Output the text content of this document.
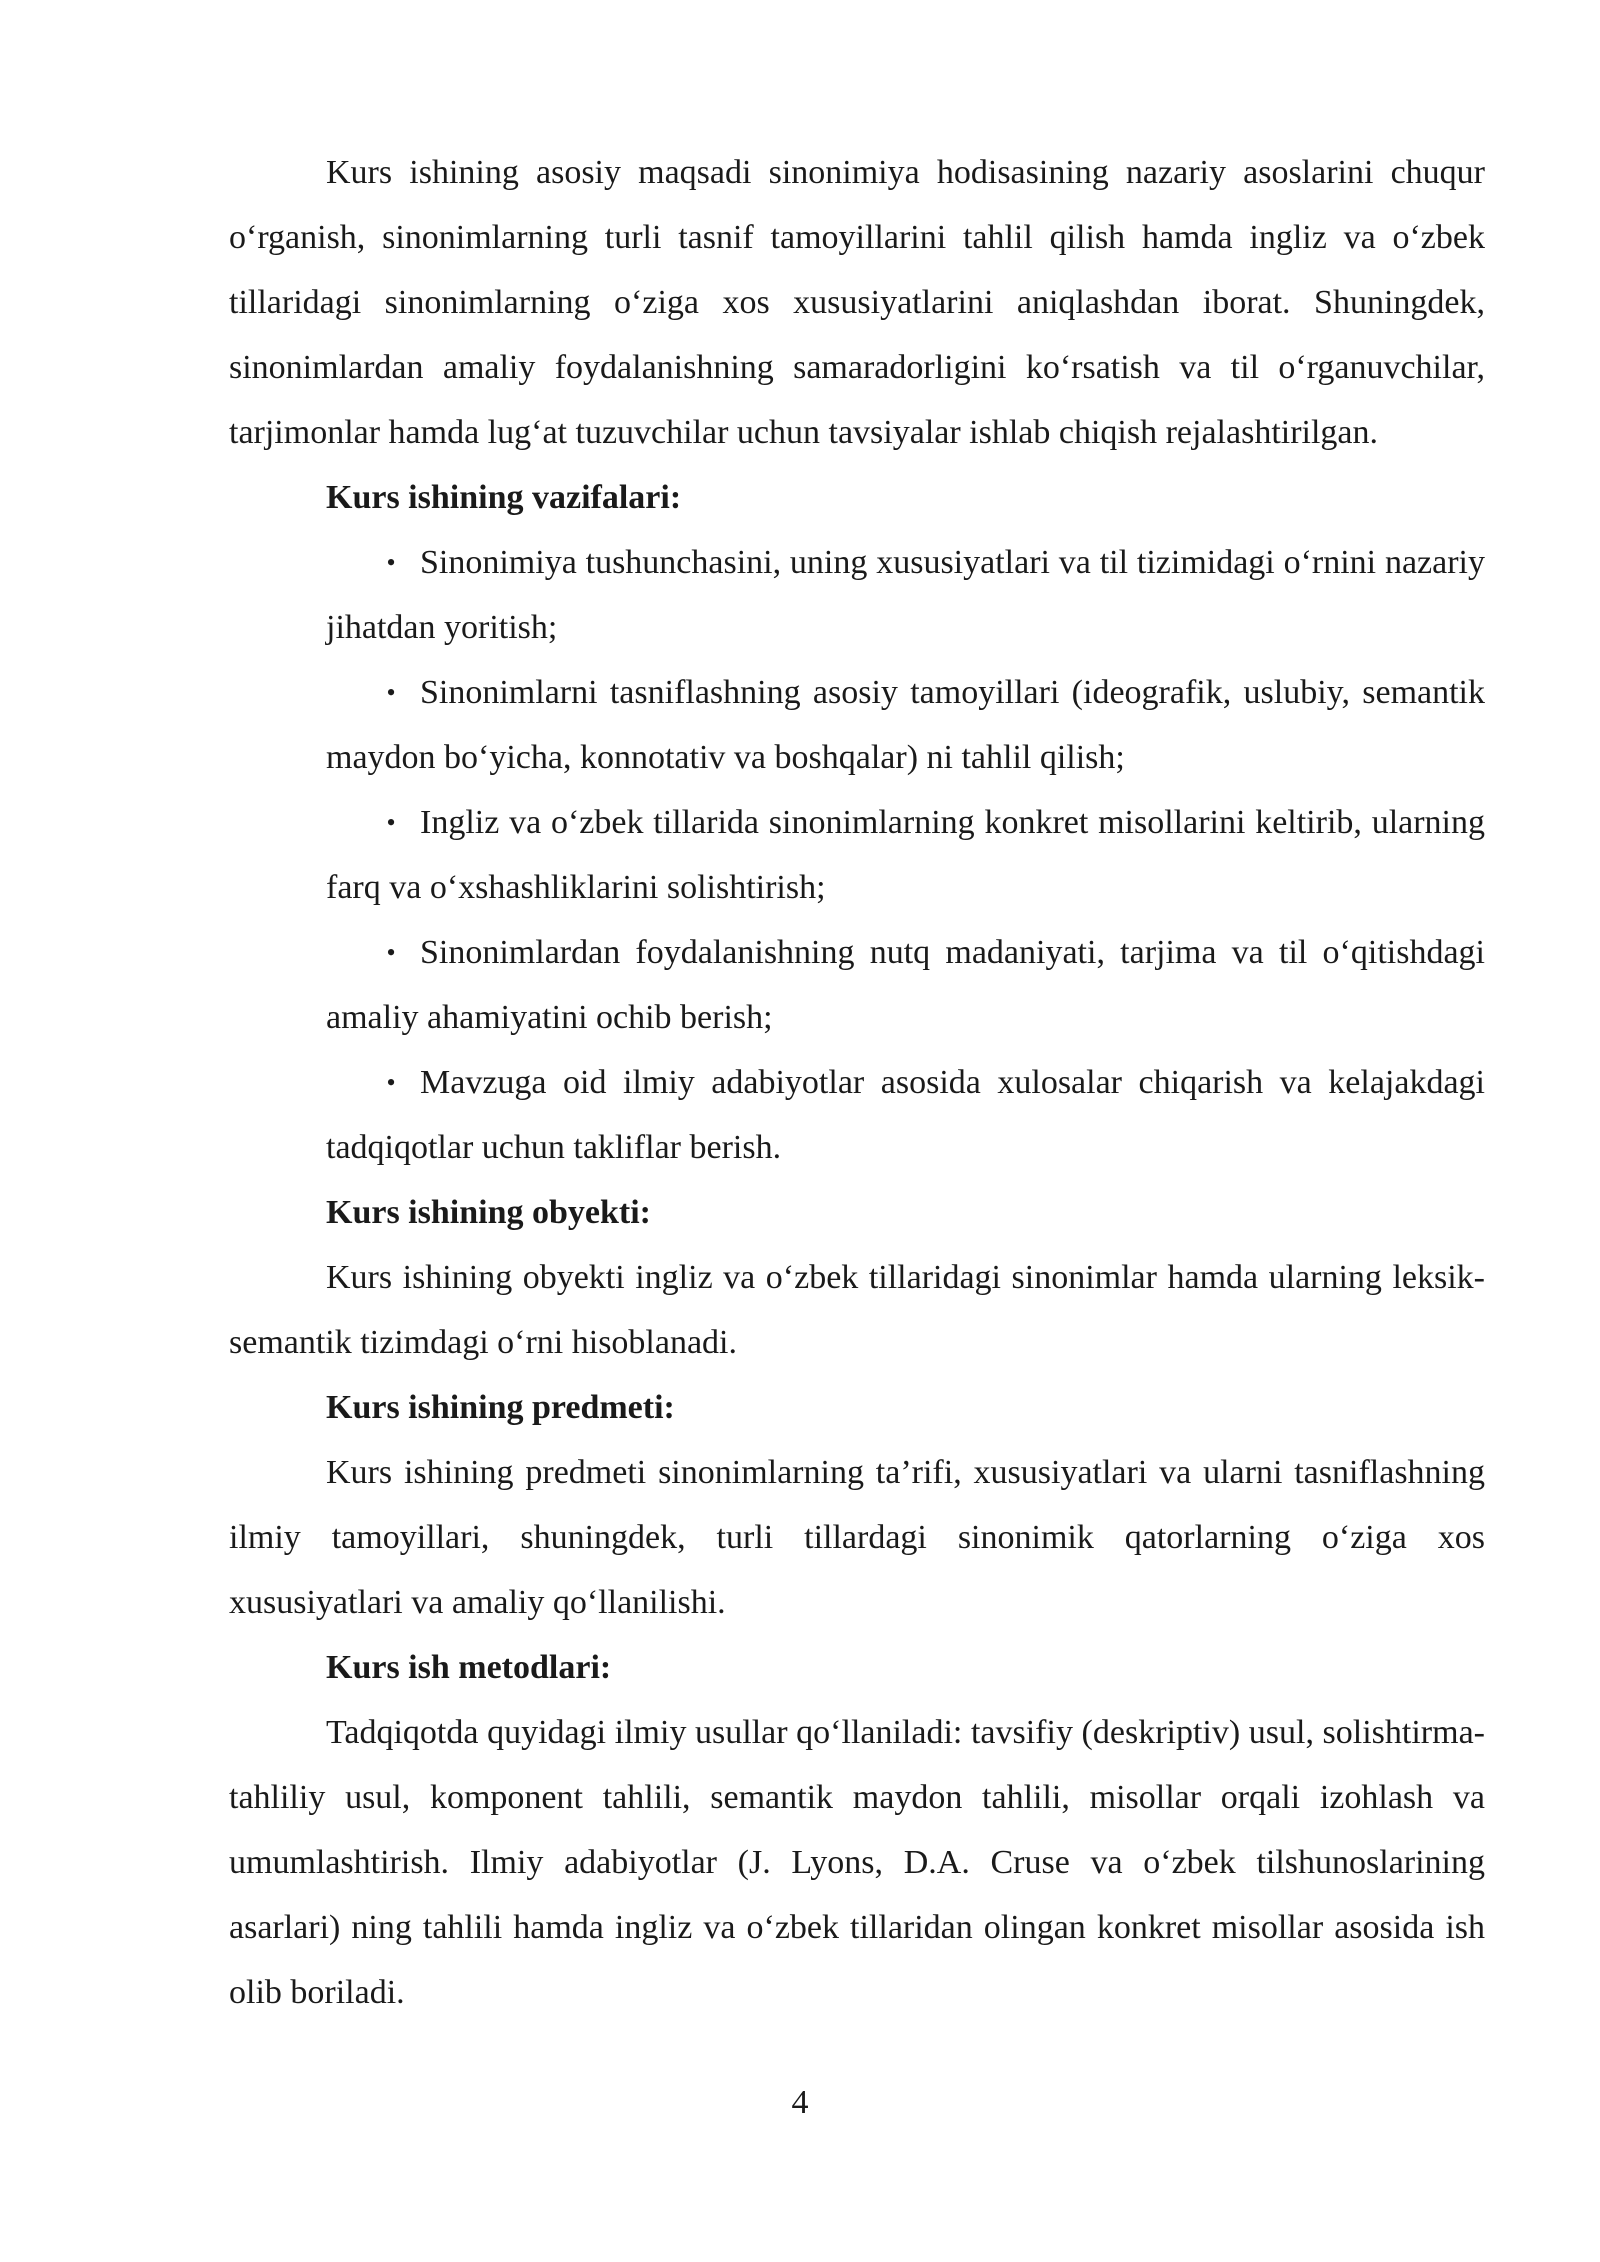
Kurs ishining asosiy maqsadi sinonimiya hodisasining nazariy asoslarini chuqur o‘rganish, sinonimlarning turli tasnif tamoyillarini tahlil qilish hamda ingliz va o‘zbek tillaridagi sinonimlarning o‘ziga xos xususiyatlarini aniqlashdan iborat. Shuningdek, sinonimlardan amaliy foydalanishning samaradorligini ko‘rsatish va til o‘rganuvchilar, tarjimonlar hamda lug‘at tuzuvchilar uchun tavsiyalar ishlab chiqish rejalashtirilgan.

Kurs ishining vazifalari:

• Sinonimiya tushunchasini, uning xususiyatlari va til tizimidagi o‘rnini nazariy jihatdan yoritish;
• Sinonimlarni tasniflashning asosiy tamoyillari (ideografik, uslubiy, semantik maydon bo‘yicha, konnotativ va boshqalar) ni tahlil qilish;
• Ingliz va o‘zbek tillarida sinonimlarning konkret misollarini keltirib, ularning farq va o‘xshashliklarini solishtirish;
• Sinonimlardan foydalanishning nutq madaniyati, tarjima va til o‘qitishdagi amaliy ahamiyatini ochib berish;
• Mavzuga oid ilmiy adabiyotlar asosida xulosalar chiqarish va kelajakdagi tadqiqotlar uchun takliflar berish.

Kurs ishining obyekti:

Kurs ishining obyekti ingliz va o‘zbek tillaridagi sinonimlar hamda ularning leksik-semantik tizimdagi o‘rni hisoblanadi.

Kurs ishining predmeti:

Kurs ishining predmeti sinonimlarning ta’rifi, xususiyatlari va ularni tasniflashning ilmiy tamoyillari, shuningdek, turli tillardagi sinonimik qatorlarning o‘ziga xos xususiyatlari va amaliy qo‘llanilishi.

Kurs ish metodlari:

Tadqiqotda quyidagi ilmiy usullar qo‘llaniladi: tavsifiy (deskriptiv) usul, solishtirma-tahliliy usul, komponent tahlili, semantik maydon tahlili, misollar orqali izohlash va umumlashtirish. Ilmiy adabiyotlar (J. Lyons, D.A. Cruse va o‘zbek tilshunoslarining asarlari) ning tahlili hamda ingliz va o‘zbek tillaridan olingan konkret misollar asosida ish olib boriladi.

4
